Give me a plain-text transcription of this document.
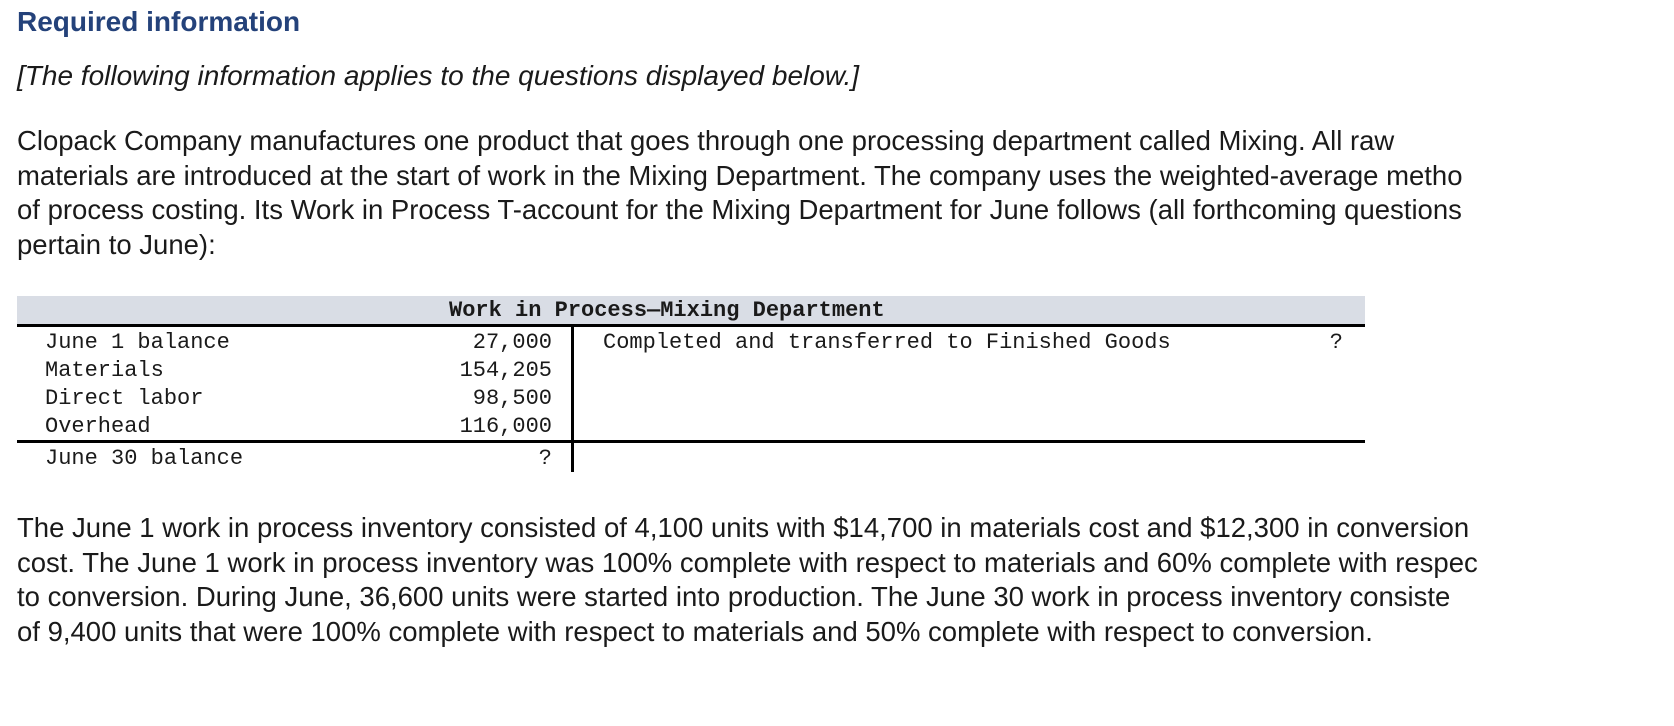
Required information
[The following information applies to the questions displayed below.]
Clopack Company manufactures one product that goes through one processing department called Mixing. All raw
materials are introduced at the start of work in the Mixing Department. The company uses the weighted-average metho
of process costing. Its Work in Process T-account for the Mixing Department for June follows (all forthcoming questions
pertain to June):
Work in Process—Mixing Department
June 1 balance	27,000
Materials	154,205
Direct labor	98,500
Overhead	116,000
June 30 balance	?
Completed and transferred to Finished Goods	?
The June 1 work in process inventory consisted of 4,100 units with $14,700 in materials cost and $12,300 in conversion
cost. The June 1 work in process inventory was 100% complete with respect to materials and 60% complete with respec
to conversion. During June, 36,600 units were started into production. The June 30 work in process inventory consiste
of 9,400 units that were 100% complete with respect to materials and 50% complete with respect to conversion.
